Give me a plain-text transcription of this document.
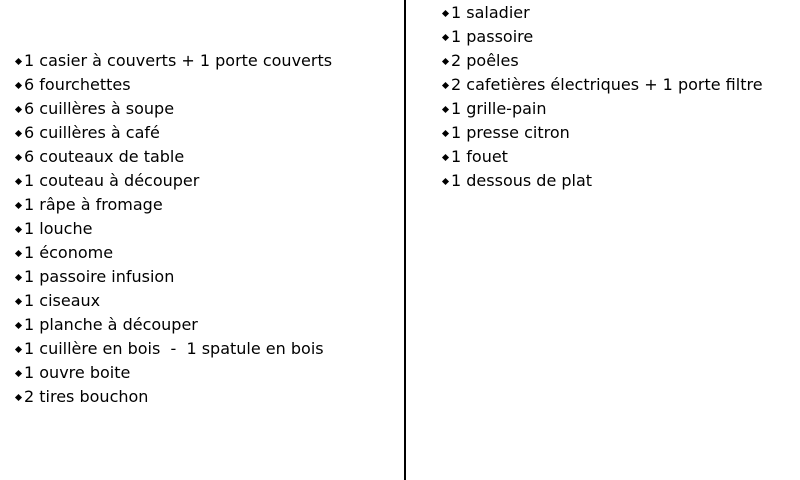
1 casier à couverts + 1 porte couverts
6 fourchettes
6 cuillères à soupe
6 cuillères à café
6 couteaux de table
1 couteau à découper
1 râpe à fromage
1 louche
1 économe
1 passoire infusion
1 ciseaux
1 planche à découper
1 cuillère en bois  -  1 spatule en bois
1 ouvre boite
2 tires bouchon
1 saladier
1 passoire
2 poêles
2 cafetières électriques + 1 porte filtre
1 grille-pain
1 presse citron
1 fouet
1 dessous de plat
